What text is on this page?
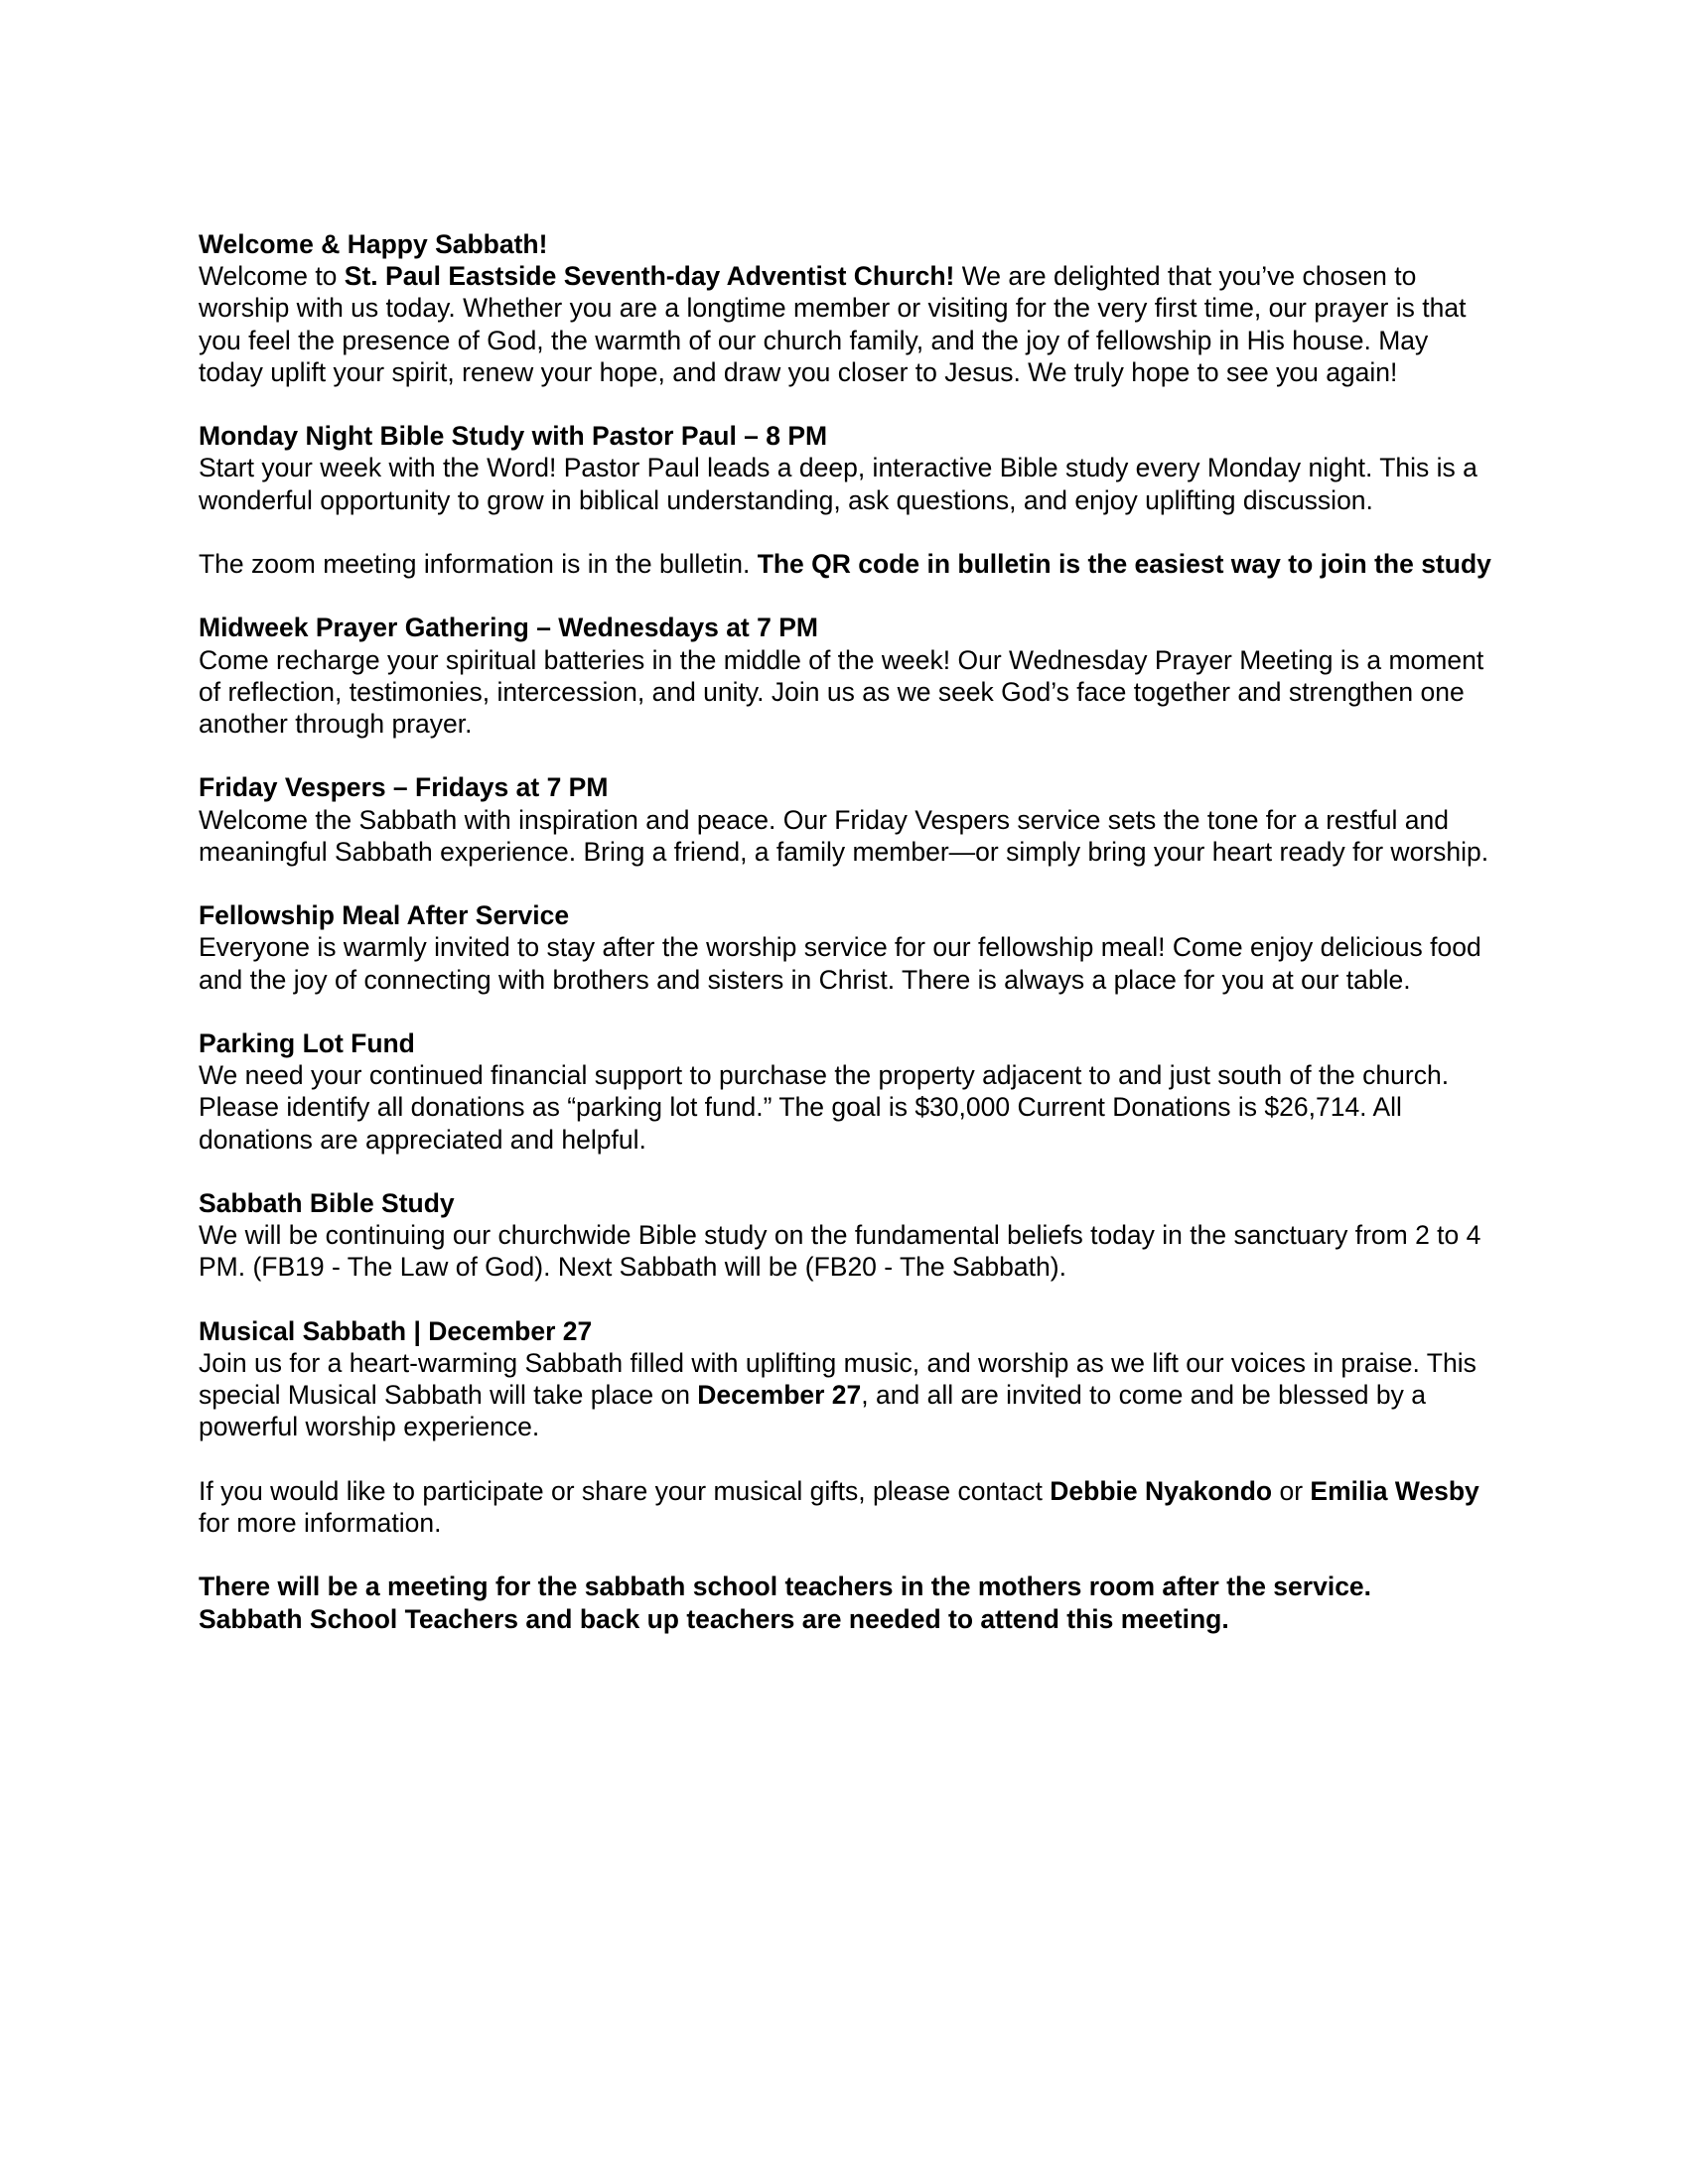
Welcome & Happy Sabbath!

Welcome to St. Paul Eastside Seventh-day Adventist Church! We are delighted that you’ve chosen to worship with us today. Whether you are a longtime member or visiting for the very first time, our prayer is that you feel the presence of God, the warmth of our church family, and the joy of fellowship in His house. May today uplift your spirit, renew your hope, and draw you closer to Jesus. We truly hope to see you again!

Monday Night Bible Study with Pastor Paul – 8 PM

Start your week with the Word! Pastor Paul leads a deep, interactive Bible study every Monday night. This is a wonderful opportunity to grow in biblical understanding, ask questions, and enjoy uplifting discussion.

The zoom meeting information is in the bulletin. The QR code in bulletin is the easiest way to join the study

Midweek Prayer Gathering – Wednesdays at 7 PM

Come recharge your spiritual batteries in the middle of the week! Our Wednesday Prayer Meeting is a moment of reflection, testimonies, intercession, and unity. Join us as we seek God’s face together and strengthen one another through prayer.

Friday Vespers – Fridays at 7 PM

Welcome the Sabbath with inspiration and peace. Our Friday Vespers service sets the tone for a restful and meaningful Sabbath experience. Bring a friend, a family member—or simply bring your heart ready for worship.

Fellowship Meal After Service

Everyone is warmly invited to stay after the worship service for our fellowship meal! Come enjoy delicious food and the joy of connecting with brothers and sisters in Christ. There is always a place for you at our table.

Parking Lot Fund

We need your continued financial support to purchase the property adjacent to and just south of the church. Please identify all donations as “parking lot fund.” The goal is $30,000 Current Donations is $26,714. All donations are appreciated and helpful.

Sabbath Bible Study

We will be continuing our churchwide Bible study on the fundamental beliefs today in the sanctuary from 2 to 4 PM. (FB19 - The Law of God). Next Sabbath will be (FB20 - The Sabbath).

Musical Sabbath | December 27

Join us for a heart-warming Sabbath filled with uplifting music, and worship as we lift our voices in praise. This special Musical Sabbath will take place on December 27, and all are invited to come and be blessed by a powerful worship experience.

If you would like to participate or share your musical gifts, please contact Debbie Nyakondo or Emilia Wesby for more information.

There will be a meeting for the sabbath school teachers in the mothers room after the service.

Sabbath School Teachers and back up teachers are needed to attend this meeting.
